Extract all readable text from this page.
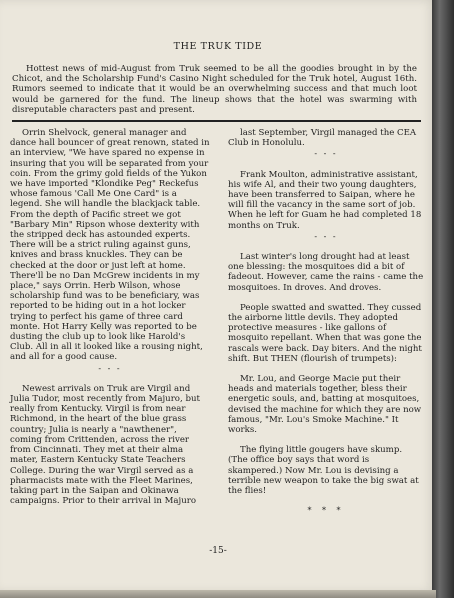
THE TRUK TIDE

Hottest news of mid-August from Truk seemed to be all the goodies brought in by the Chicot, and the Scholarship Fund's Casino Night scheduled for the Truk hotel, August 16th. Rumors seemed to indicate that it would be an overwhelming success and that much loot would be garnered for the fund. The lineup shows that the hotel was swarming with disreputable characters past and present.

Orrin Shelvock, general manager and dance hall bouncer of great renown, stated in an interview, "We have spared no expense in insuring that you will be separated from your coin. From the grimy gold fields of the Yukon we have imported "Klondike Peg" Reckefus whose famous 'Call Me One Card" is a legend. She will handle the blackjack table. From the depth of Pacific street we got "Barbary Min" Ripson whose dexterity with the stripped deck has astounded experts. There will be a strict ruling against guns, knives and brass knuckles. They can be checked at the door or just left at home. There'll be no Dan McGrew incidents in my place," says Orrin. Herb Wilson, whose scholarship fund was to be beneficiary, was reported to be hiding out in a hot locker trying to perfect his game of three card monte. Hot Harry Kelly was reported to be dusting the club up to look like Harold's Club. All in all it looked like a rousing night, and all for a good cause.

- - -

Newest arrivals on Truk are Virgil and Julia Tudor, most recently from Majuro, but really from Kentucky. Virgil is from near Richmond, in the heart of the blue grass country; Julia is nearly a "nawthener", coming from Crittenden, across the river from Cincinnati. They met at their alma mater, Eastern Kentucky State Teachers College. During the war Virgil served as a pharmacists mate with the Fleet Marines, taking part in the Saipan and Okinawa campaigns. Prior to their arrival in Majuro

last September, Virgil managed the CEA Club in Honolulu.

- - -

Frank Moulton, administrative assistant, his wife Al, and their two young daughters, have been transferred to Saipan, where he will fill the vacancy in the same sort of job. When he left for Guam he had completed 18 months on Truk.

- - -

Last winter's long drought had at least one blessing: the mosquitoes did a bit of fadeout. However, came the rains - came the mosquitoes. In droves. And droves.

People swatted and swatted. They cussed the airborne little devils. They adopted protective measures - like gallons of mosquito repellant. When that was gone the rascals were back. Day biters. And the night shift. But THEN (flourish of trumpets):

Mr. Lou, and George Macie put their heads and materials together, bless their energetic souls, and, batting at mosquitoes, devised the machine for which they are now famous, "Mr. Lou's Smoke Machine." It works.

The flying little gougers have skump. (The office boy says that word is skampered.) Now Mr. Lou is devising a terrible new weapon to take the big swat at the flies!

* * *

-15-
